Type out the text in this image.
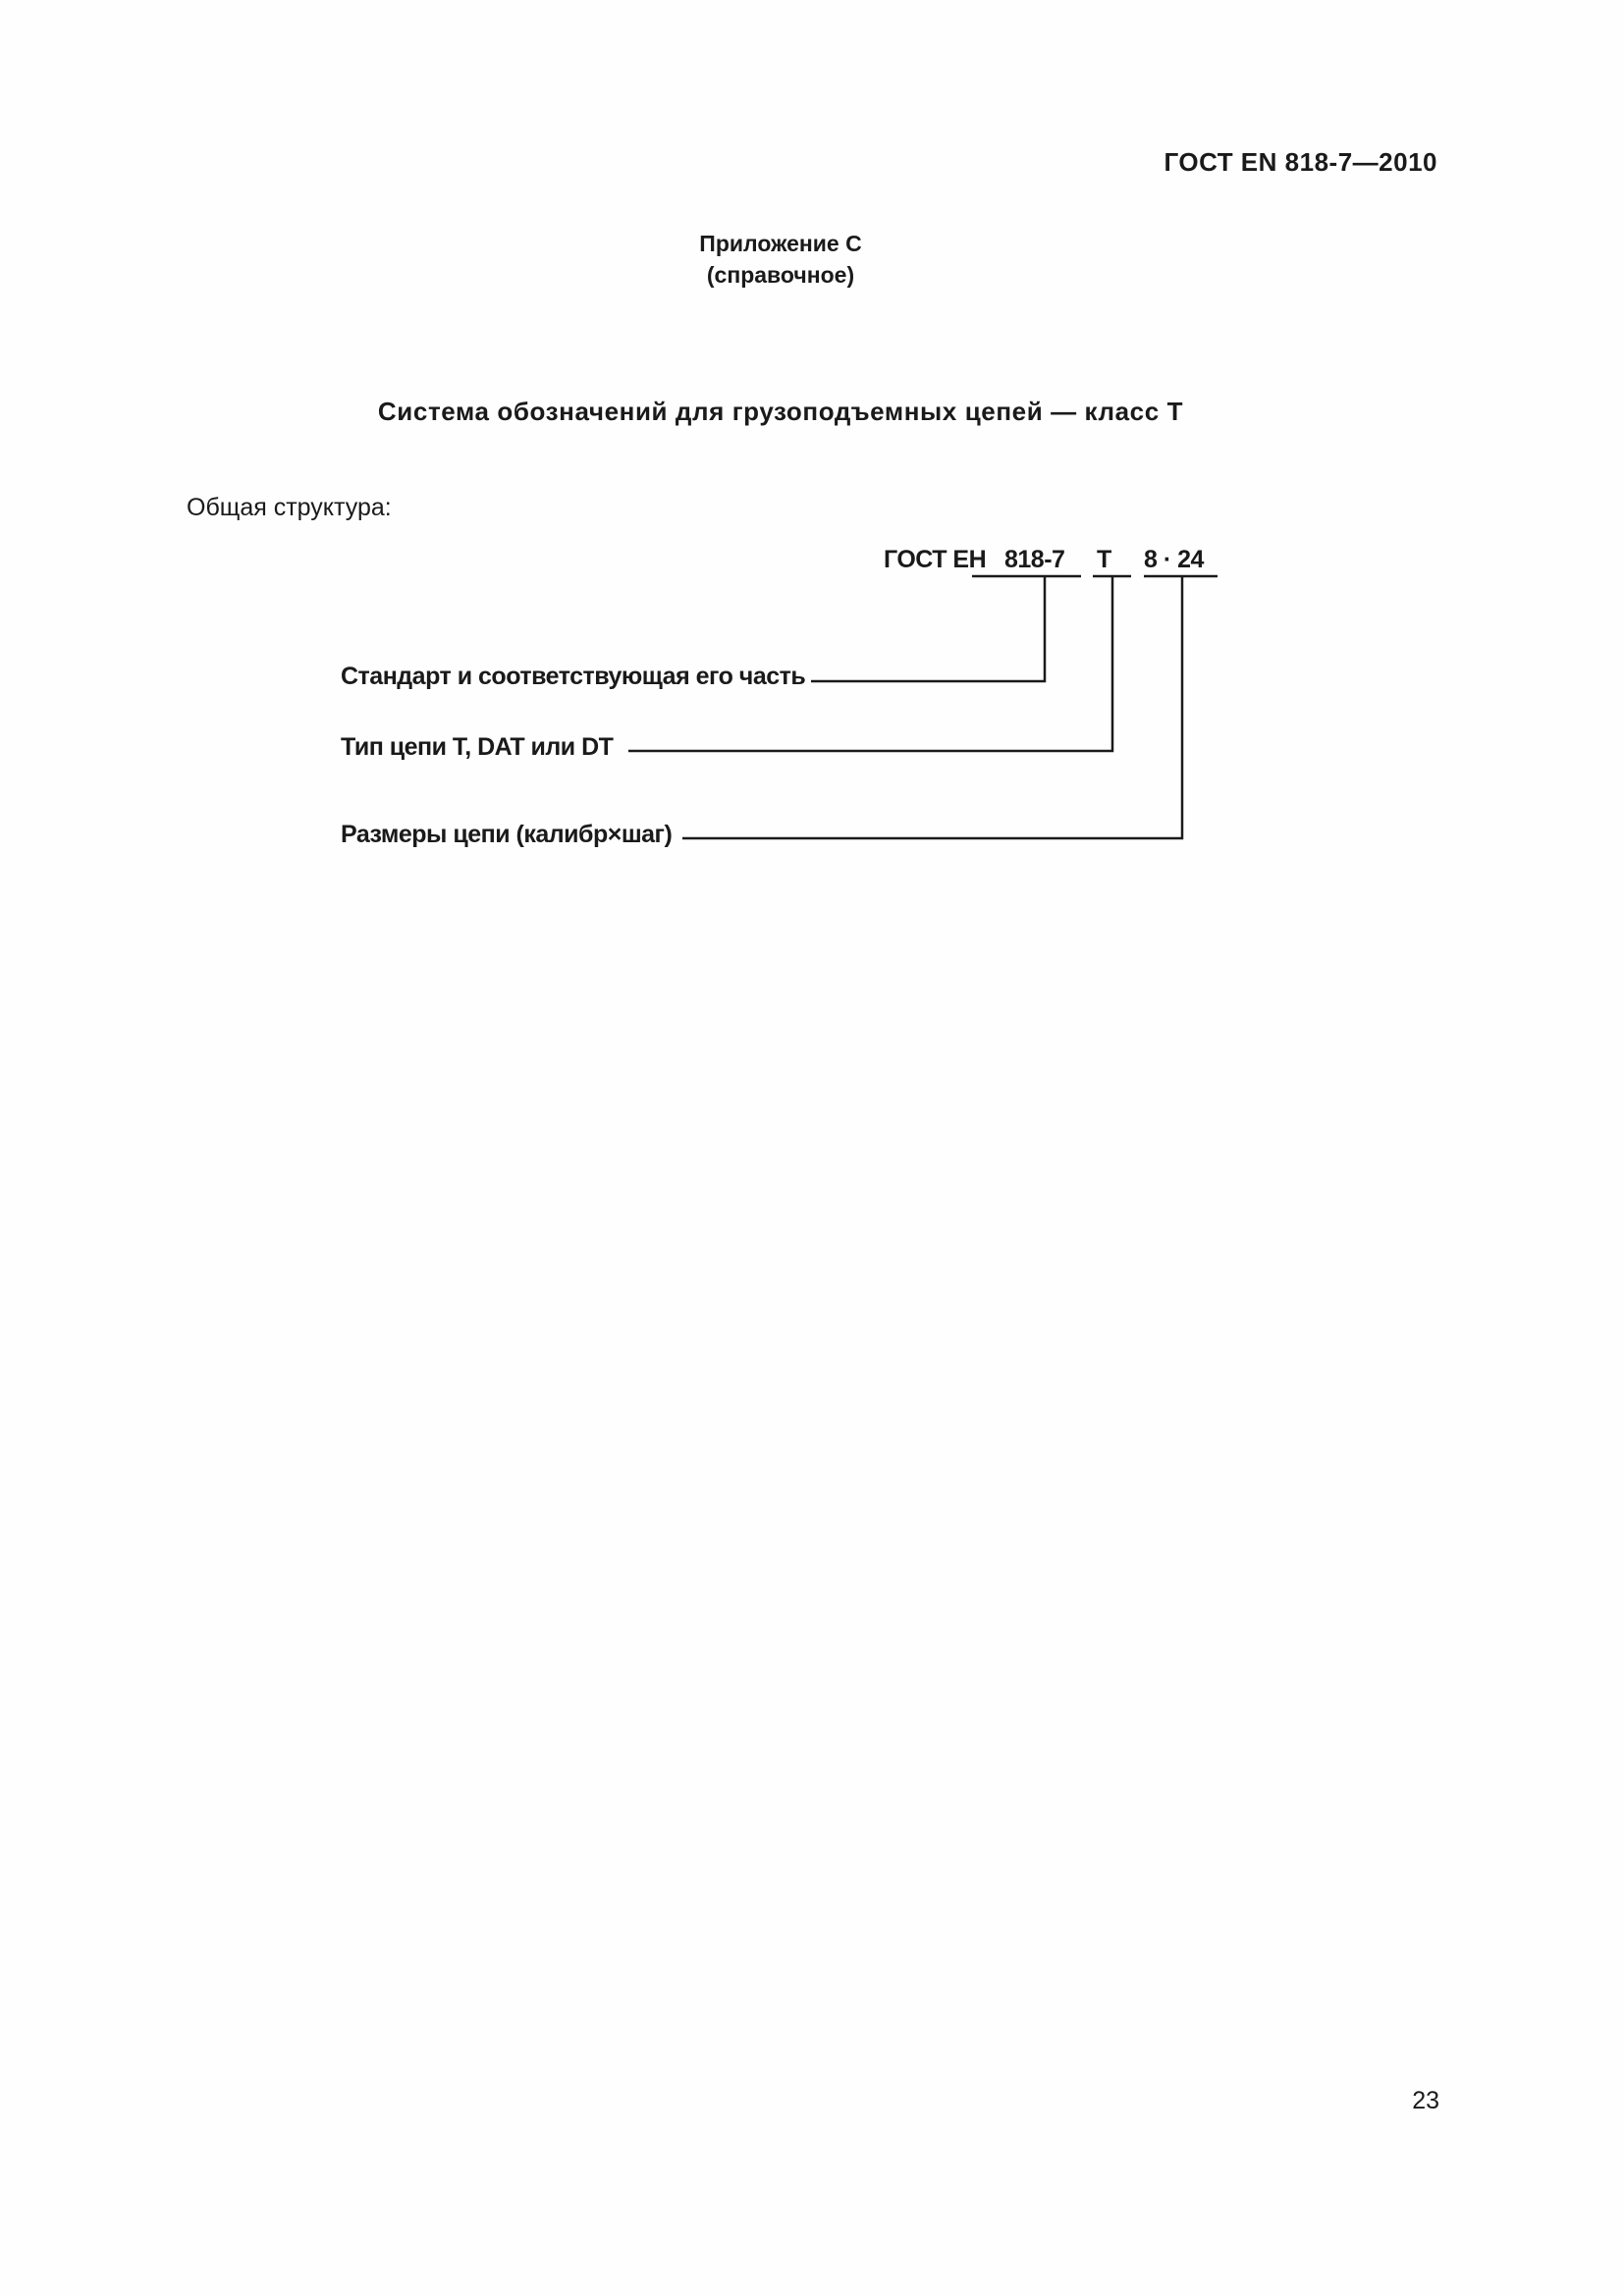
ГОСТ EN 818-7—2010
Приложение С
(справочное)
Система обозначений для грузоподъемных цепей — класс Т
Общая структура:
ГОСТ ЕН 818-7 T 8 · 24
Стандарт и соответствующая его часть
Тип цепи Т, DAT или DT
Размеры цепи (калибр×шаг)
23
